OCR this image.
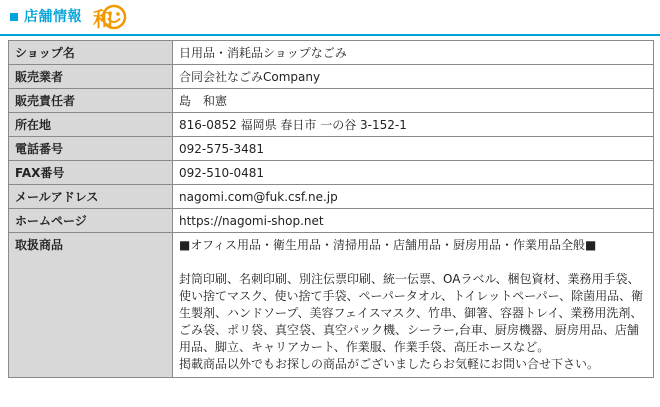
店舗情報 和
ショップ名	日用品・消耗品ショップなごみ
販売業者	合同会社なごみCompany
販売責任者	島　和憲
所在地	816-0852 福岡県 春日市 一の谷 3-152-1
電話番号	092-575-3481
FAX番号	092-510-0481
メールアドレス	nagomi.com@fuk.csf.ne.jp
ホームページ	https://nagomi-shop.net
取扱商品	■オフィス用品・衛生用品・清掃用品・店舗用品・厨房用品・作業用品全般■

封筒印刷、名刺印刷、別注伝票印刷、統一伝票、OAラベル、梱包資材、業務用手袋、使い捨てマスク、使い捨て手袋、ペーパータオル、トイレットペーパー、除菌用品、衛生製剤、ハンドソープ、美容フェイスマスク、竹串、御箸、容器トレイ、業務用洗剤、ごみ袋、ポリ袋、真空袋、真空パック機、シーラー,台車、厨房機器、厨房用品、店舗用品、脚立、キャリアカート、作業服、作業手袋、高圧ホースなど。

掲載商品以外でもお探しの商品がございましたらお気軽にお問い合せ下さい。
